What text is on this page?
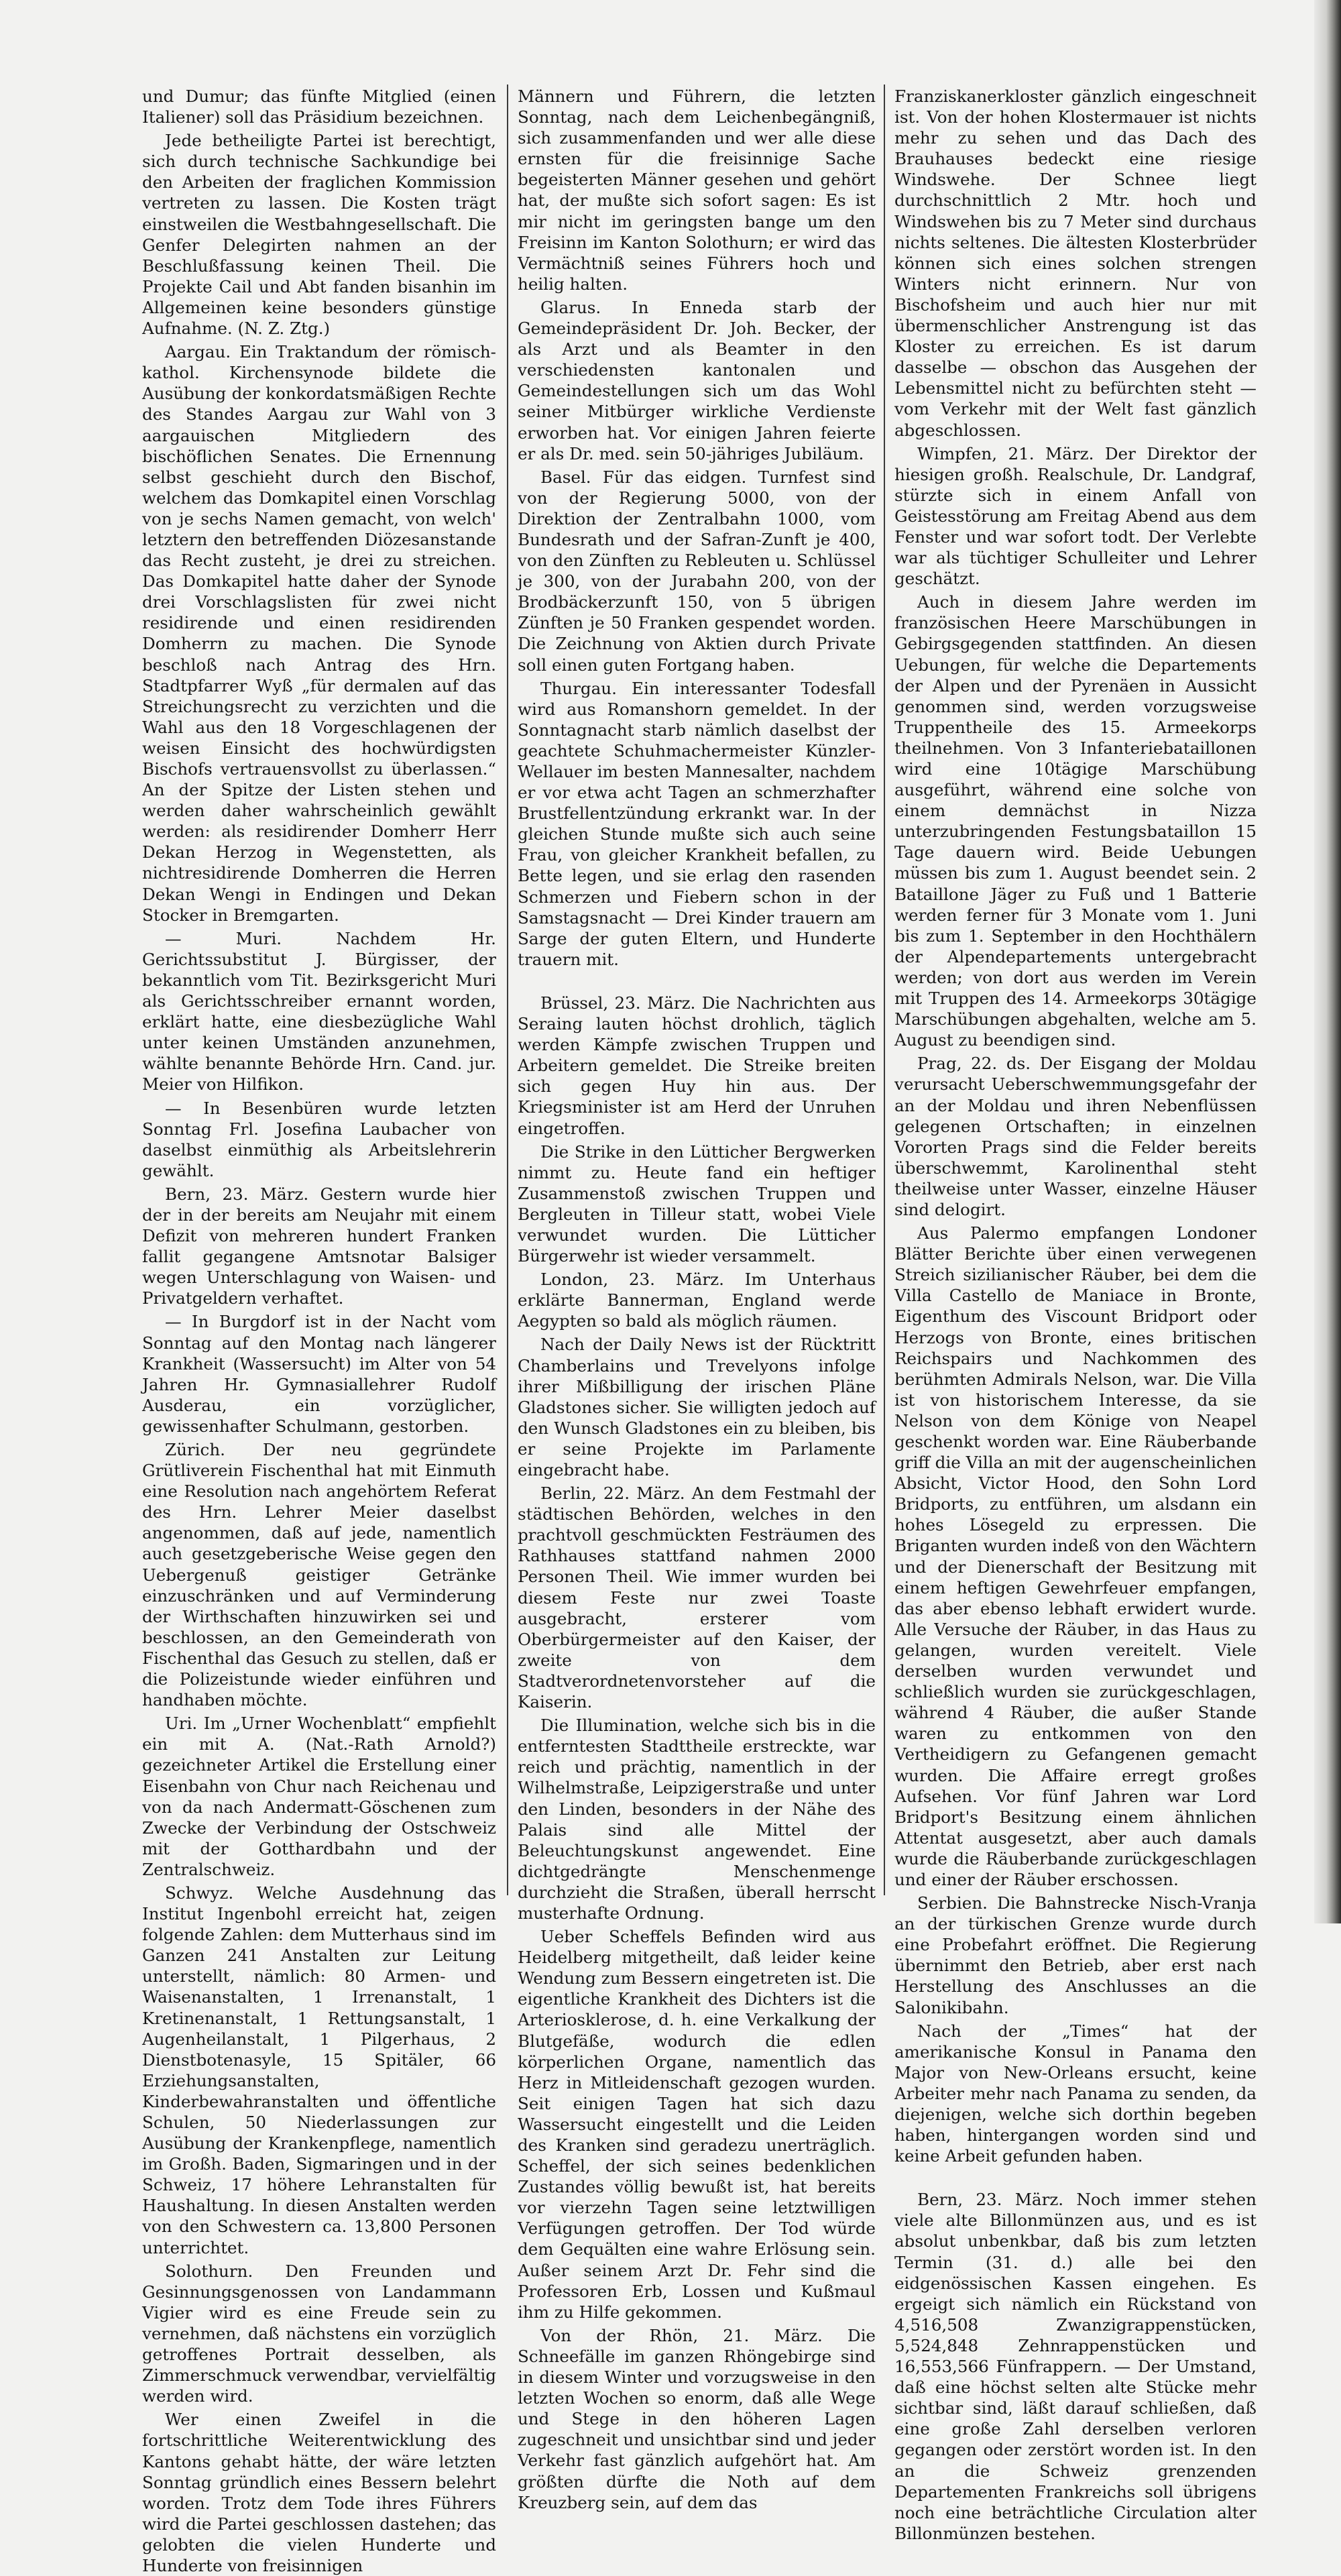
und Dumur; das fünfte Mitglied (einen Italiener) soll das Präsidium bezeichnen.

Jede betheiligte Partei ist berechtigt, sich durch technische Sachkundige bei den Arbeiten der fraglichen Kommission vertreten zu lassen. Die Kosten trägt einstweilen die Westbahngesellschaft. Die Genfer Delegirten nahmen an der Beschlußfassung keinen Theil. Die Projekte Cail und Abt fanden bisanhin im Allgemeinen keine besonders günstige Aufnahme. (N. Z. Ztg.)

Aargau. Ein Traktandum der römisch-kathol. Kirchensynode bildete die Ausübung der konkordatsmäßigen Rechte des Standes Aargau zur Wahl von 3 aargauischen Mitgliedern des bischöflichen Senates. Die Ernennung selbst geschieht durch den Bischof, welchem das Domkapitel einen Vorschlag von je sechs Namen gemacht, von welch' letztern den betreffenden Diözesanstande das Recht zusteht, je drei zu streichen. Das Domkapitel hatte daher der Synode drei Vorschlagslisten für zwei nicht residirende und einen residirenden Domherrn zu machen. Die Synode beschloß nach Antrag des Hrn. Stadtpfarrer Wyß „für dermalen auf das Streichungsrecht zu verzichten und die Wahl aus den 18 Vorgeschlagenen der weisen Einsicht des hochwürdigsten Bischofs vertrauensvollst zu überlassen.“ An der Spitze der Listen stehen und werden daher wahrscheinlich gewählt werden: als residirender Domherr Herr Dekan Herzog in Wegenstetten, als nichtresidirende Domherren die Herren Dekan Wengi in Endingen und Dekan Stocker in Bremgarten.

— Muri. Nachdem Hr. Gerichtssubstitut J. Bürgisser, der bekanntlich vom Tit. Bezirksgericht Muri als Gerichtsschreiber ernannt worden, erklärt hatte, eine diesbezügliche Wahl unter keinen Umständen anzunehmen, wählte benannte Behörde Hrn. Cand. jur. Meier von Hilfikon.

— In Besenbüren wurde letzten Sonntag Frl. Josefina Laubacher von daselbst einmüthig als Arbeitslehrerin gewählt.

Bern, 23. März. Gestern wurde hier der in der bereits am Neujahr mit einem Defizit von mehreren hundert Franken fallit gegangene Amtsnotar Balsiger wegen Unterschlagung von Waisen- und Privatgeldern verhaftet.

— In Burgdorf ist in der Nacht vom Sonntag auf den Montag nach längerer Krankheit (Wassersucht) im Alter von 54 Jahren Hr. Gymnasiallehrer Rudolf Ausderau, ein vorzüglicher, gewissenhafter Schulmann, gestorben.

Zürich. Der neu gegründete Grütliverein Fischenthal hat mit Einmuth eine Resolution nach angehörtem Referat des Hrn. Lehrer Meier daselbst angenommen, daß auf jede, namentlich auch gesetzgeberische Weise gegen den Uebergenuß geistiger Getränke einzuschränken und auf Verminderung der Wirthschaften hinzuwirken sei und beschlossen, an den Gemeinderath von Fischenthal das Gesuch zu stellen, daß er die Polizeistunde wieder einführen und handhaben möchte.

Uri. Im „Urner Wochenblatt“ empfiehlt ein mit A. (Nat.-Rath Arnold?) gezeichneter Artikel die Erstellung einer Eisenbahn von Chur nach Reichenau und von da nach Andermatt-Göschenen zum Zwecke der Verbindung der Ostschweiz mit der Gotthardbahn und der Zentralschweiz.

Schwyz. Welche Ausdehnung das Institut Ingenbohl erreicht hat, zeigen folgende Zahlen: dem Mutterhaus sind im Ganzen 241 Anstalten zur Leitung unterstellt, nämlich: 80 Armen- und Waisenanstalten, 1 Irrenanstalt, 1 Kretinenanstalt, 1 Rettungsanstalt, 1 Augenheilanstalt, 1 Pilgerhaus, 2 Dienstbotenasyle, 15 Spitäler, 66 Erziehungsanstalten, Kinderbewahranstalten und öffentliche Schulen, 50 Niederlassungen zur Ausübung der Krankenpflege, namentlich im Großh. Baden, Sigmaringen und in der Schweiz, 17 höhere Lehranstalten für Haushaltung. In diesen Anstalten werden von den Schwestern ca. 13,800 Personen unterrichtet.

Solothurn. Den Freunden und Gesinnungsgenossen von Landammann Vigier wird es eine Freude sein zu vernehmen, daß nächstens ein vorzüglich getroffenes Portrait desselben, als Zimmerschmuck verwendbar, vervielfältig werden wird.

Wer einen Zweifel in die fortschrittliche Weiterentwicklung des Kantons gehabt hätte, der wäre letzten Sonntag gründlich eines Bessern belehrt worden. Trotz dem Tode ihres Führers wird die Partei geschlossen dastehen; das gelobten die vielen Hunderte und Hunderte von freisinnigen

Männern und Führern, die letzten Sonntag, nach dem Leichenbegängniß, sich zusammenfanden und wer alle diese ernsten für die freisinnige Sache begeisterten Männer gesehen und gehört hat, der mußte sich sofort sagen: Es ist mir nicht im geringsten bange um den Freisinn im Kanton Solothurn; er wird das Vermächtniß seines Führers hoch und heilig halten.

Glarus. In Enneda starb der Gemeindepräsident Dr. Joh. Becker, der als Arzt und als Beamter in den verschiedensten kantonalen und Gemeindestellungen sich um das Wohl seiner Mitbürger wirkliche Verdienste erworben hat. Vor einigen Jahren feierte er als Dr. med. sein 50-jähriges Jubiläum.

Basel. Für das eidgen. Turnfest sind von der Regierung 5000, von der Direktion der Zentralbahn 1000, vom Bundesrath und der Safran-Zunft je 400, von den Zünften zu Rebleuten u. Schlüssel je 300, von der Jurabahn 200, von der Brodbäckerzunft 150, von 5 übrigen Zünften je 50 Franken gespendet worden. Die Zeichnung von Aktien durch Private soll einen guten Fortgang haben.

Thurgau. Ein interessanter Todesfall wird aus Romanshorn gemeldet. In der Sonntagnacht starb nämlich daselbst der geachtete Schuhmachermeister Künzler-Wellauer im besten Mannesalter, nachdem er vor etwa acht Tagen an schmerzhafter Brustfellentzündung erkrankt war. In der gleichen Stunde mußte sich auch seine Frau, von gleicher Krankheit befallen, zu Bette legen, und sie erlag den rasenden Schmerzen und Fiebern schon in der Samstagsnacht — Drei Kinder trauern am Sarge der guten Eltern, und Hunderte trauern mit.

Brüssel, 23. März. Die Nachrichten aus Seraing lauten höchst drohlich, täglich werden Kämpfe zwischen Truppen und Arbeitern gemeldet. Die Streike breiten sich gegen Huy hin aus. Der Kriegsminister ist am Herd der Unruhen eingetroffen.

Die Strike in den Lütticher Bergwerken nimmt zu. Heute fand ein heftiger Zusammenstoß zwischen Truppen und Bergleuten in Tilleur statt, wobei Viele verwundet wurden. Die Lütticher Bürgerwehr ist wieder versammelt.

London, 23. März. Im Unterhaus erklärte Bannerman, England werde Aegypten so bald als möglich räumen.

Nach der Daily News ist der Rücktritt Chamberlains und Trevelyons infolge ihrer Mißbilligung der irischen Pläne Gladstones sicher. Sie willigten jedoch auf den Wunsch Gladstones ein zu bleiben, bis er seine Projekte im Parlamente eingebracht habe.

Berlin, 22. März. An dem Festmahl der städtischen Behörden, welches in den prachtvoll geschmückten Festräumen des Rathhauses stattfand nahmen 2000 Personen Theil. Wie immer wurden bei diesem Feste nur zwei Toaste ausgebracht, ersterer vom Oberbürgermeister auf den Kaiser, der zweite von dem Stadtverordnetenvorsteher auf die Kaiserin.

Die Illumination, welche sich bis in die entferntesten Stadttheile erstreckte, war reich und prächtig, namentlich in der Wilhelmstraße, Leipzigerstraße und unter den Linden, besonders in der Nähe des Palais sind alle Mittel der Beleuchtungskunst angewendet. Eine dichtgedrängte Menschenmenge durchzieht die Straßen, überall herrscht musterhafte Ordnung.

Ueber Scheffels Befinden wird aus Heidelberg mitgetheilt, daß leider keine Wendung zum Bessern eingetreten ist. Die eigentliche Krankheit des Dichters ist die Arteriosklerose, d. h. eine Verkalkung der Blutgefäße, wodurch die edlen körperlichen Organe, namentlich das Herz in Mitleidenschaft gezogen wurden. Seit einigen Tagen hat sich dazu Wassersucht eingestellt und die Leiden des Kranken sind geradezu unerträglich. Scheffel, der sich seines bedenklichen Zustandes völlig bewußt ist, hat bereits vor vierzehn Tagen seine letztwilligen Verfügungen getroffen. Der Tod würde dem Gequälten eine wahre Erlösung sein. Außer seinem Arzt Dr. Fehr sind die Professoren Erb, Lossen und Kußmaul ihm zu Hilfe gekommen.

Von der Rhön, 21. März. Die Schneefälle im ganzen Rhöngebirge sind in diesem Winter und vorzugsweise in den letzten Wochen so enorm, daß alle Wege und Stege in den höheren Lagen zugeschneit und unsichtbar sind und jeder Verkehr fast gänzlich aufgehört hat. Am größten dürfte die Noth auf dem Kreuzberg sein, auf dem das

Franziskanerkloster gänzlich eingeschneit ist. Von der hohen Klostermauer ist nichts mehr zu sehen und das Dach des Brauhauses bedeckt eine riesige Windswehe. Der Schnee liegt durchschnittlich 2 Mtr. hoch und Windswehen bis zu 7 Meter sind durchaus nichts seltenes. Die ältesten Klosterbrüder können sich eines solchen strengen Winters nicht erinnern. Nur von Bischofsheim und auch hier nur mit übermenschlicher Anstrengung ist das Kloster zu erreichen. Es ist darum dasselbe — obschon das Ausgehen der Lebensmittel nicht zu befürchten steht — vom Verkehr mit der Welt fast gänzlich abgeschlossen.

Wimpfen, 21. März. Der Direktor der hiesigen großh. Realschule, Dr. Landgraf, stürzte sich in einem Anfall von Geistesstörung am Freitag Abend aus dem Fenster und war sofort todt. Der Verlebte war als tüchtiger Schulleiter und Lehrer geschätzt.

Auch in diesem Jahre werden im französischen Heere Marschübungen in Gebirgsgegenden stattfinden. An diesen Uebungen, für welche die Departements der Alpen und der Pyrenäen in Aussicht genommen sind, werden vorzugsweise Truppentheile des 15. Armeekorps theilnehmen. Von 3 Infanteriebataillonen wird eine 10tägige Marschübung ausgeführt, während eine solche von einem demnächst in Nizza unterzubringenden Festungsbataillon 15 Tage dauern wird. Beide Uebungen müssen bis zum 1. August beendet sein. 2 Bataillone Jäger zu Fuß und 1 Batterie werden ferner für 3 Monate vom 1. Juni bis zum 1. September in den Hochthälern der Alpendepartements untergebracht werden; von dort aus werden im Verein mit Truppen des 14. Armeekorps 30tägige Marschübungen abgehalten, welche am 5. August zu beendigen sind.

Prag, 22. ds. Der Eisgang der Moldau verursacht Ueberschwemmungsgefahr der an der Moldau und ihren Nebenflüssen gelegenen Ortschaften; in einzelnen Vororten Prags sind die Felder bereits überschwemmt, Karolinenthal steht theilweise unter Wasser, einzelne Häuser sind delogirt.

Aus Palermo empfangen Londoner Blätter Berichte über einen verwegenen Streich sizilianischer Räuber, bei dem die Villa Castello de Maniace in Bronte, Eigenthum des Viscount Bridport oder Herzogs von Bronte, eines britischen Reichspairs und Nachkommen des berühmten Admirals Nelson, war. Die Villa ist von historischem Interesse, da sie Nelson von dem Könige von Neapel geschenkt worden war. Eine Räuberbande griff die Villa an mit der augenscheinlichen Absicht, Victor Hood, den Sohn Lord Bridports, zu entführen, um alsdann ein hohes Lösegeld zu erpressen. Die Briganten wurden indeß von den Wächtern und der Dienerschaft der Besitzung mit einem heftigen Gewehrfeuer empfangen, das aber ebenso lebhaft erwidert wurde. Alle Versuche der Räuber, in das Haus zu gelangen, wurden vereitelt. Viele derselben wurden verwundet und schließlich wurden sie zurückgeschlagen, während 4 Räuber, die außer Stande waren zu entkommen von den Vertheidigern zu Gefangenen gemacht wurden. Die Affaire erregt großes Aufsehen. Vor fünf Jahren war Lord Bridport's Besitzung einem ähnlichen Attentat ausgesetzt, aber auch damals wurde die Räuberbande zurückgeschlagen und einer der Räuber erschossen.

Serbien. Die Bahnstrecke Nisch-Vranja an der türkischen Grenze wurde durch eine Probefahrt eröffnet. Die Regierung übernimmt den Betrieb, aber erst nach Herstellung des Anschlusses an die Salonikibahn.

Nach der „Times“ hat der amerikanische Konsul in Panama den Major von New-Orleans ersucht, keine Arbeiter mehr nach Panama zu senden, da diejenigen, welche sich dorthin begeben haben, hintergangen worden sind und keine Arbeit gefunden haben.

Bern, 23. März. Noch immer stehen viele alte Billonmünzen aus, und es ist absolut unbenkbar, daß bis zum letzten Termin (31. d.) alle bei den eidgenössischen Kassen eingehen. Es ergeigt sich nämlich ein Rückstand von 4,516,508 Zwanzigrappenstücken, 5,524,848 Zehnrappenstücken und 16,553,566 Fünfrappern. — Der Umstand, daß eine höchst selten alte Stücke mehr sichtbar sind, läßt darauf schließen, daß eine große Zahl derselben verloren gegangen oder zerstört worden ist. In den an die Schweiz grenzenden Departementen Frankreichs soll übrigens noch eine beträchtliche Circulation alter Billonmünzen bestehen.
